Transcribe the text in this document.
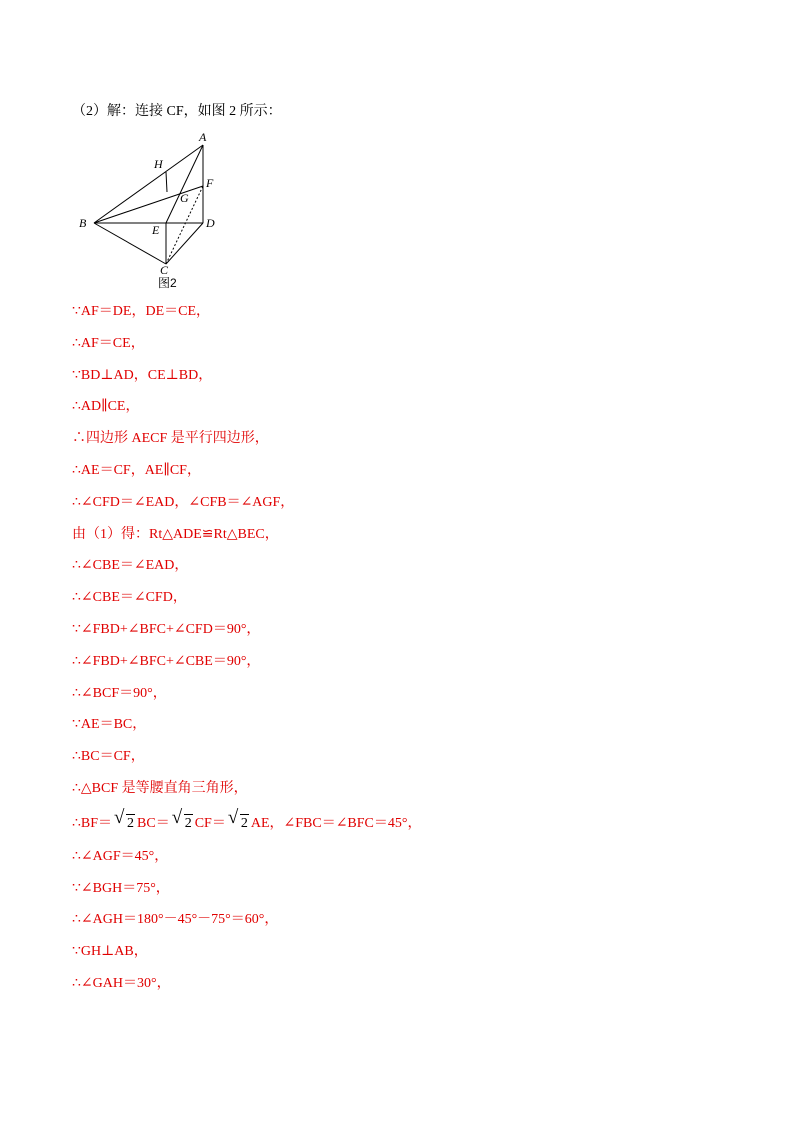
（2）解：连接 CF，如图 2 所示：
A
H
F
G
B	E	D
C
图2
∵AF＝DE，DE＝CE，
∴AF＝CE，
∵BD⊥AD，CE⊥BD，
∴AD∥CE，
∴四边形 AECF 是平行四边形，
∴AE＝CF，AE∥CF，
∴∠CFD＝∠EAD，∠CFB＝∠AGF，
由（1）得：Rt△ADE≌Rt△BEC，
∴∠CBE＝∠EAD，
∴∠CBE＝∠CFD，
∵∠FBD+∠BFC+∠CFD＝90°，
∴∠FBD+∠BFC+∠CBE＝90°，
∴∠BCF＝90°，
∵AE＝BC，
∴BC＝CF，
∴△BCF 是等腰直角三角形，
∴BF＝ √ 2 BC＝ √ 2 CF＝ √ 2 AE，∠FBC＝∠BFC＝45°，
∴∠AGF＝45°，
∵∠BGH＝75°，
∴∠AGH＝180°－45°－75°＝60°，
∵GH⊥AB，
∴∠GAH＝30°，
